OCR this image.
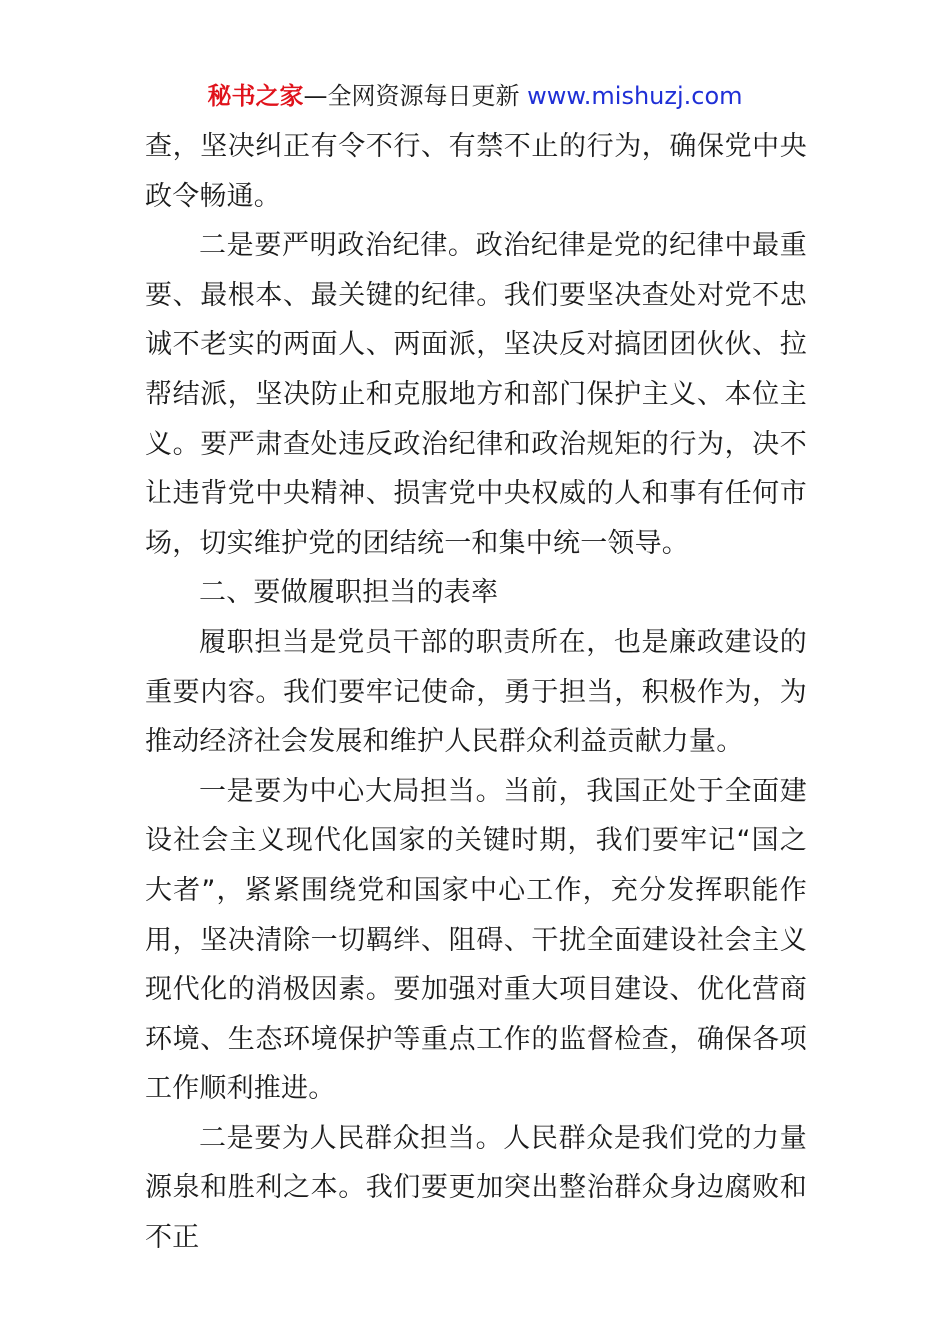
秘书之家—全网资源每日更新 www.mishuzj.com

查，坚决纠正有令不行、有禁不止的行为，确保党中央政令畅通。

二是要严明政治纪律。政治纪律是党的纪律中最重要、最根本、最关键的纪律。我们要坚决查处对党不忠诚不老实的两面人、两面派，坚决反对搞团团伙伙、拉帮结派，坚决防止和克服地方和部门保护主义、本位主义。要严肃查处违反政治纪律和政治规矩的行为，决不让违背党中央精神、损害党中央权威的人和事有任何市场，切实维护党的团结统一和集中统一领导。

二、要做履职担当的表率

履职担当是党员干部的职责所在，也是廉政建设的重要内容。我们要牢记使命，勇于担当，积极作为，为推动经济社会发展和维护人民群众利益贡献力量。

一是要为中心大局担当。当前，我国正处于全面建设社会主义现代化国家的关键时期，我们要牢记“国之大者”，紧紧围绕党和国家中心工作，充分发挥职能作用，坚决清除一切羁绊、阻碍、干扰全面建设社会主义现代化的消极因素。要加强对重大项目建设、优化营商环境、生态环境保护等重点工作的监督检查，确保各项工作顺利推进。

二是要为人民群众担当。人民群众是我们党的力量源泉和胜利之本。我们要更加突出整治群众身边腐败和不正
